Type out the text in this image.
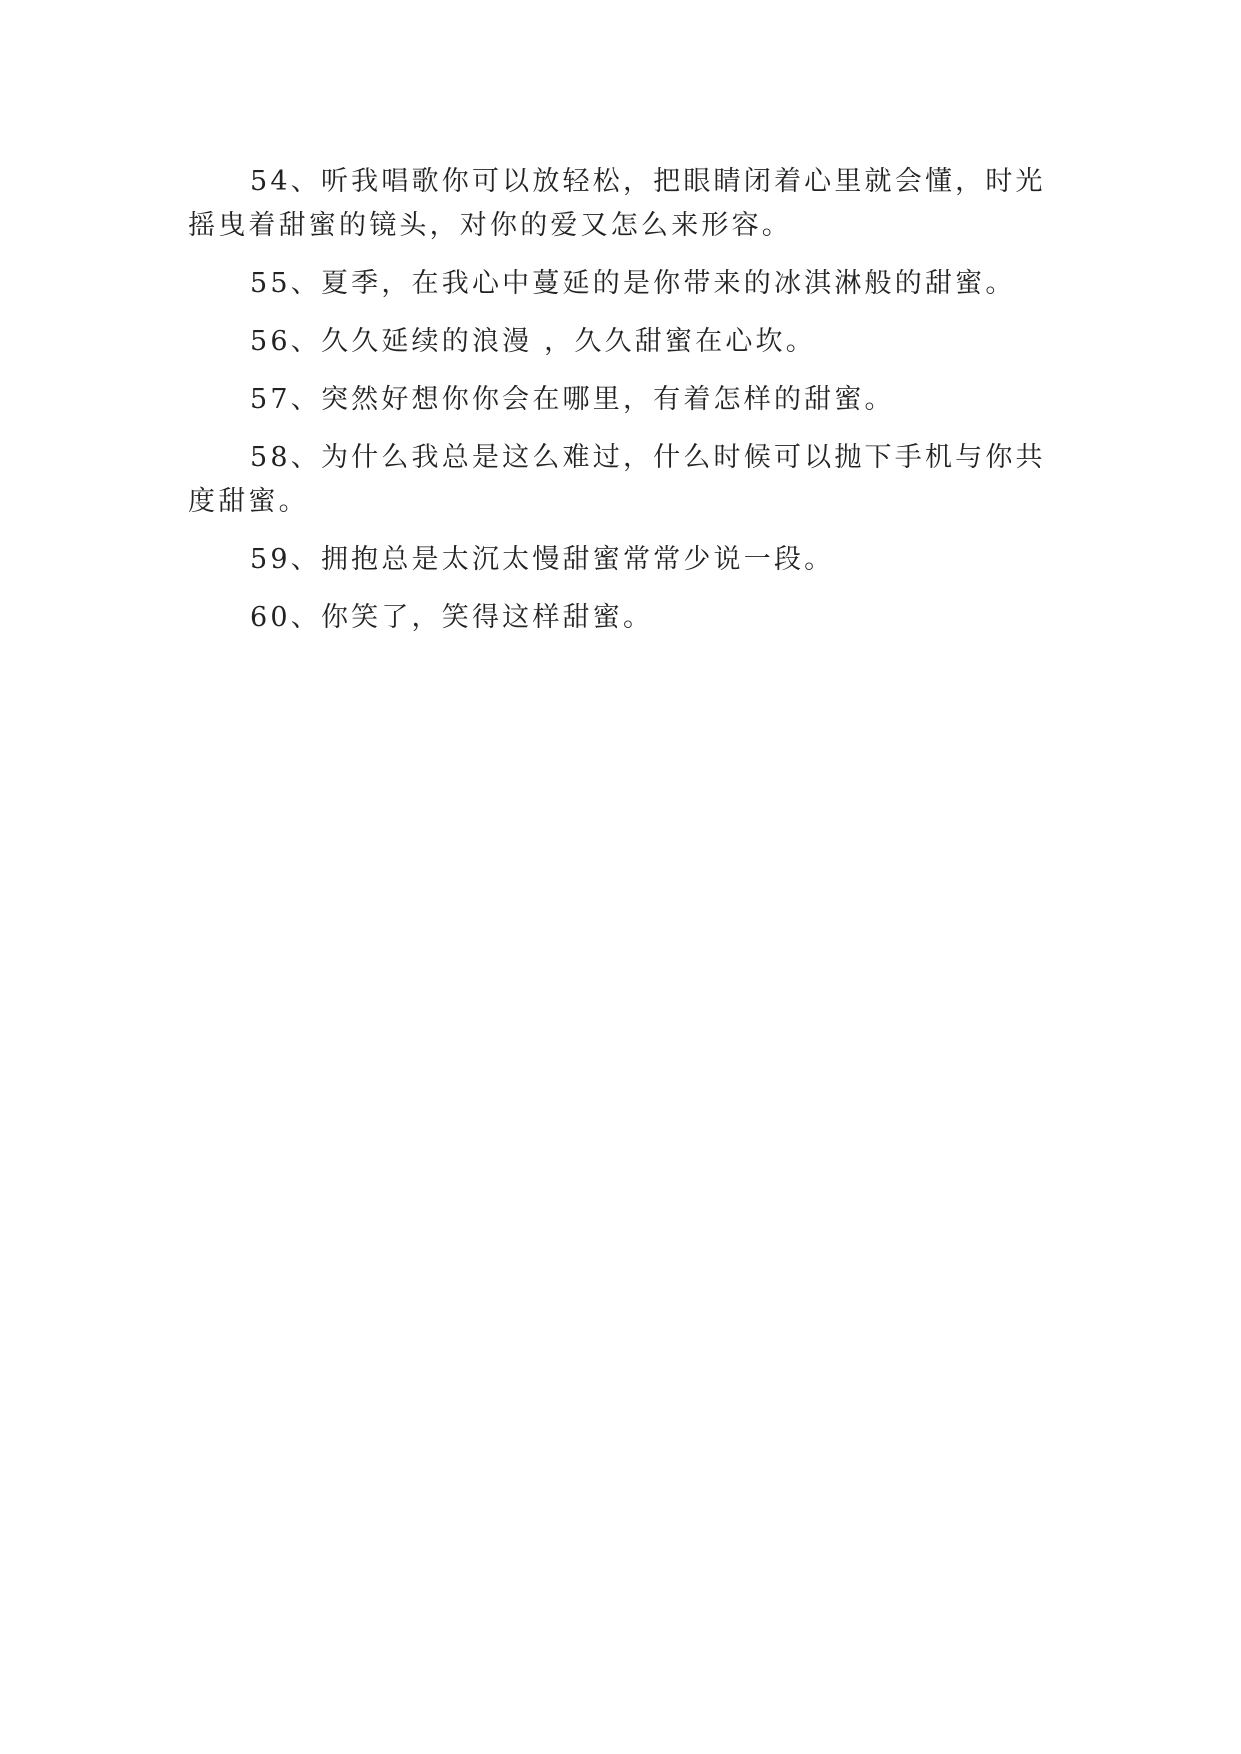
54、听我唱歌你可以放轻松，把眼睛闭着心里就会懂，时光摇曳着甜蜜的镜头，对你的爱又怎么来形容。

55、夏季，在我心中蔓延的是你带来的冰淇淋般的甜蜜。

56、久久延续的浪漫 ，久久甜蜜在心坎。

57、突然好想你你会在哪里，有着怎样的甜蜜。

58、为什么我总是这么难过，什么时候可以抛下手机与你共度甜蜜。

59、拥抱总是太沉太慢甜蜜常常少说一段。

60、你笑了，笑得这样甜蜜。
